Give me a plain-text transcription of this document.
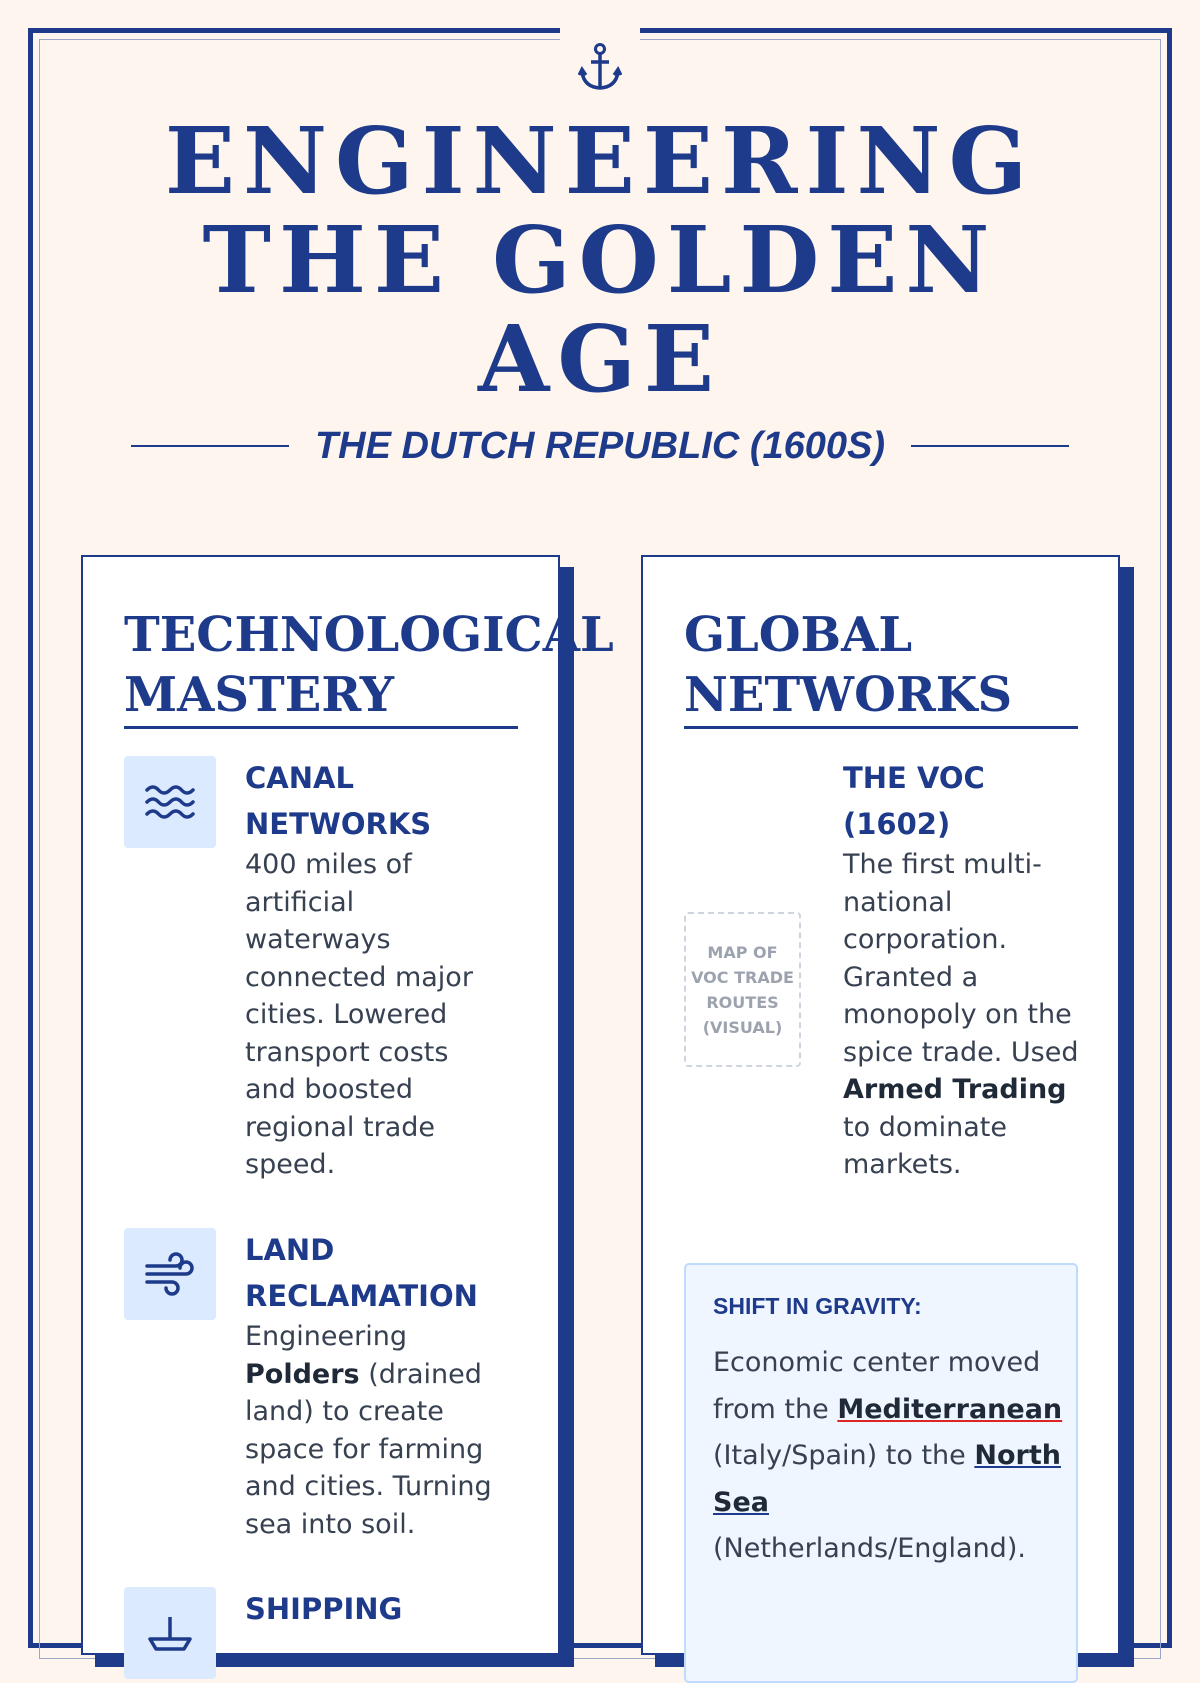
ENGINEERING
THE GOLDEN
AGE

THE DUTCH REPUBLIC (1600S)

TECHNOLOGICAL
MASTERY
CANAL
NETWORKS

400 miles of artificial waterways connected major cities. Lowered transport costs and boosted regional trade speed.

LAND
RECLAMATION

Engineering Polders (drained land) to create space for farming and cities. Turning sea into soil.

SHIPPING
GLOBAL
NETWORKS
MAP OF VOC TRADE ROUTES (VISUAL)
THE VOC
(1602)

The first multi-national corporation. Granted a monopoly on the spice trade. Used Armed Trading to dominate markets.

SHIFT IN GRAVITY:

Economic center moved from the Mediterranean (Italy/Spain) to the North Sea (Netherlands/England).
